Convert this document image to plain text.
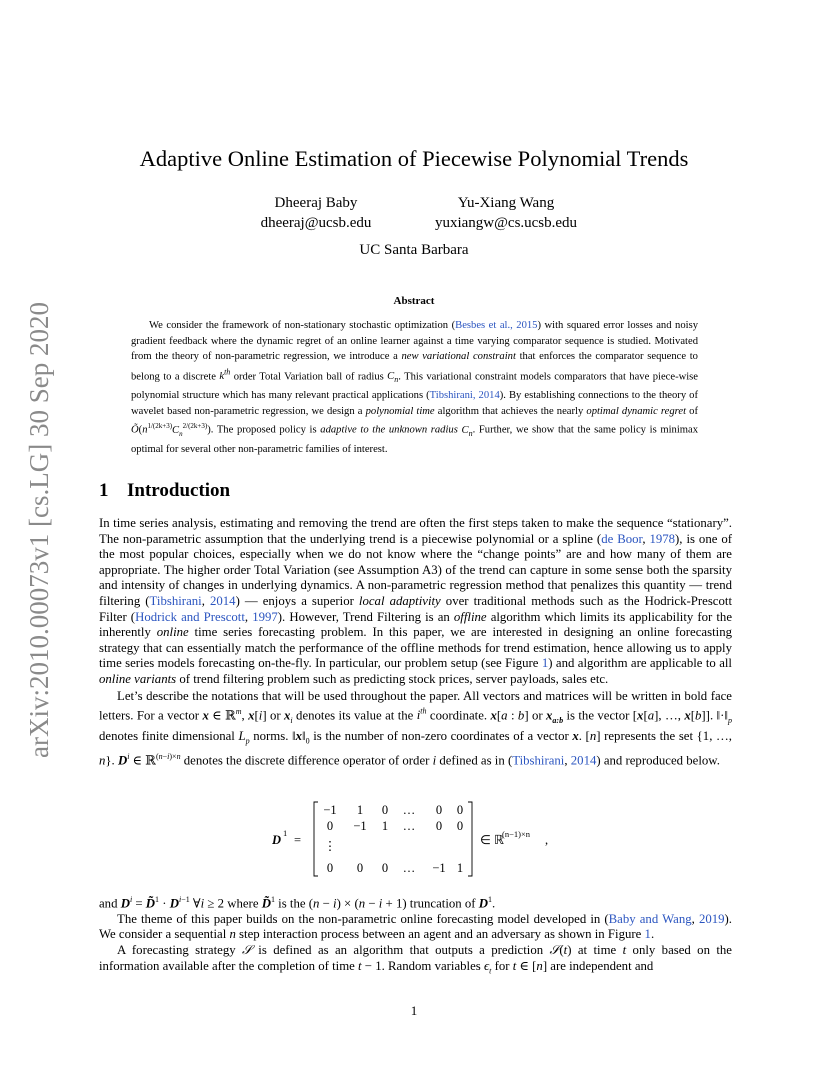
arXiv:2010.00073v1 [cs.LG] 30 Sep 2020
Adaptive Online Estimation of Piecewise Polynomial Trends
Dheeraj Baby
dheeraj@ucsb.edu
Yu-Xiang Wang
yuxiangw@cs.ucsb.edu
UC Santa Barbara
Abstract

We consider the framework of non-stationary stochastic optimization (Besbes et al., 2015) with squared error losses and noisy gradient feedback where the dynamic regret of an online learner against a time varying comparator sequence is studied. Motivated from the theory of non-parametric regression, we introduce a new variational constraint that enforces the comparator sequence to belong to a discrete $k^{th}$ order Total Variation ball of radius $C_n$. This variational constraint models comparators that have piece-wise polynomial structure which has many relevant practical applications (Tibshirani, 2014). By establishing connections to the theory of wavelet based non-parametric regression, we design a polynomial time algorithm that achieves the nearly optimal dynamic regret of $Õ(n^{1/(2k+3)}C_n^{2/(2k+3)})$. The proposed policy is adaptive to the unknown radius $C_n$. Further, we show that the same policy is minimax optimal for several other non-parametric families of interest.

1 Introduction

In time series analysis, estimating and removing the trend are often the first steps taken to make the sequence “stationary”. The non-parametric assumption that the underlying trend is a piecewise polynomial or a spline (de Boor, 1978), is one of the most popular choices, especially when we do not know where the “change points” are and how many of them are appropriate. The higher order Total Variation (see Assumption A3) of the trend can capture in some sense both the sparsity and intensity of changes in underlying dynamics. A non-parametric regression method that penalizes this quantity — trend filtering (Tibshirani, 2014) — enjoys a superior local adaptivity over traditional methods such as the Hodrick-Prescott Filter (Hodrick and Prescott, 1997). However, Trend Filtering is an offline algorithm which limits its applicability for the inherently online time series forecasting problem. In this paper, we are interested in designing an online forecasting strategy that can essentially match the performance of the offline methods for trend estimation, hence allowing us to apply time series models forecasting on-the-fly. In particular, our problem setup (see Figure 1) and algorithm are applicable to all online variants of trend filtering problem such as predicting stock prices, server payloads, sales etc.

Let’s describe the notations that will be used throughout the paper. All vectors and matrices will be written in bold face letters. For a vector x ∈ ℝ$^m$, x[i] or $x_i$ denotes its value at the $i^{th}$ coordinate. x[a : b] or $x_{a:b}$ is the vector [x[a], …, x[b]]. $‖\cdot‖_p$ denotes finite dimensional $L_p$ norms. $‖x‖_0$ is the number of non-zero coordinates of a vector x. [n] represents the set {1, …, n}. $D^i$ ∈ ℝ$^{(n-i)\times n}$ denotes the discrete difference operator of order i defined as in (Tibshirani, 2014) and reproduced below.

D 1 =
−1 1 0 … 0 0
0 −1 1 … 0 0
⋮
0 0 0 … −1 1
∈ ℝ
(n−1)×n ,

and $D^i$ = D̃$^1$ · $D^{i-1}$ ∀i ≥ 2 where D̃$^1$ is the (n − i) × (n − i + 1) truncation of $D^1$.

The theme of this paper builds on the non-parametric online forecasting model developed in (Baby and Wang, 2019). We consider a sequential n step interaction process between an agent and an adversary as shown in Figure 1.

A forecasting strategy 𝒮 is defined as an algorithm that outputs a prediction 𝒮(t) at time t only based on the information available after the completion of time t − 1. Random variables $\epsilon_t$ for t ∈ [n] are independent and

1
